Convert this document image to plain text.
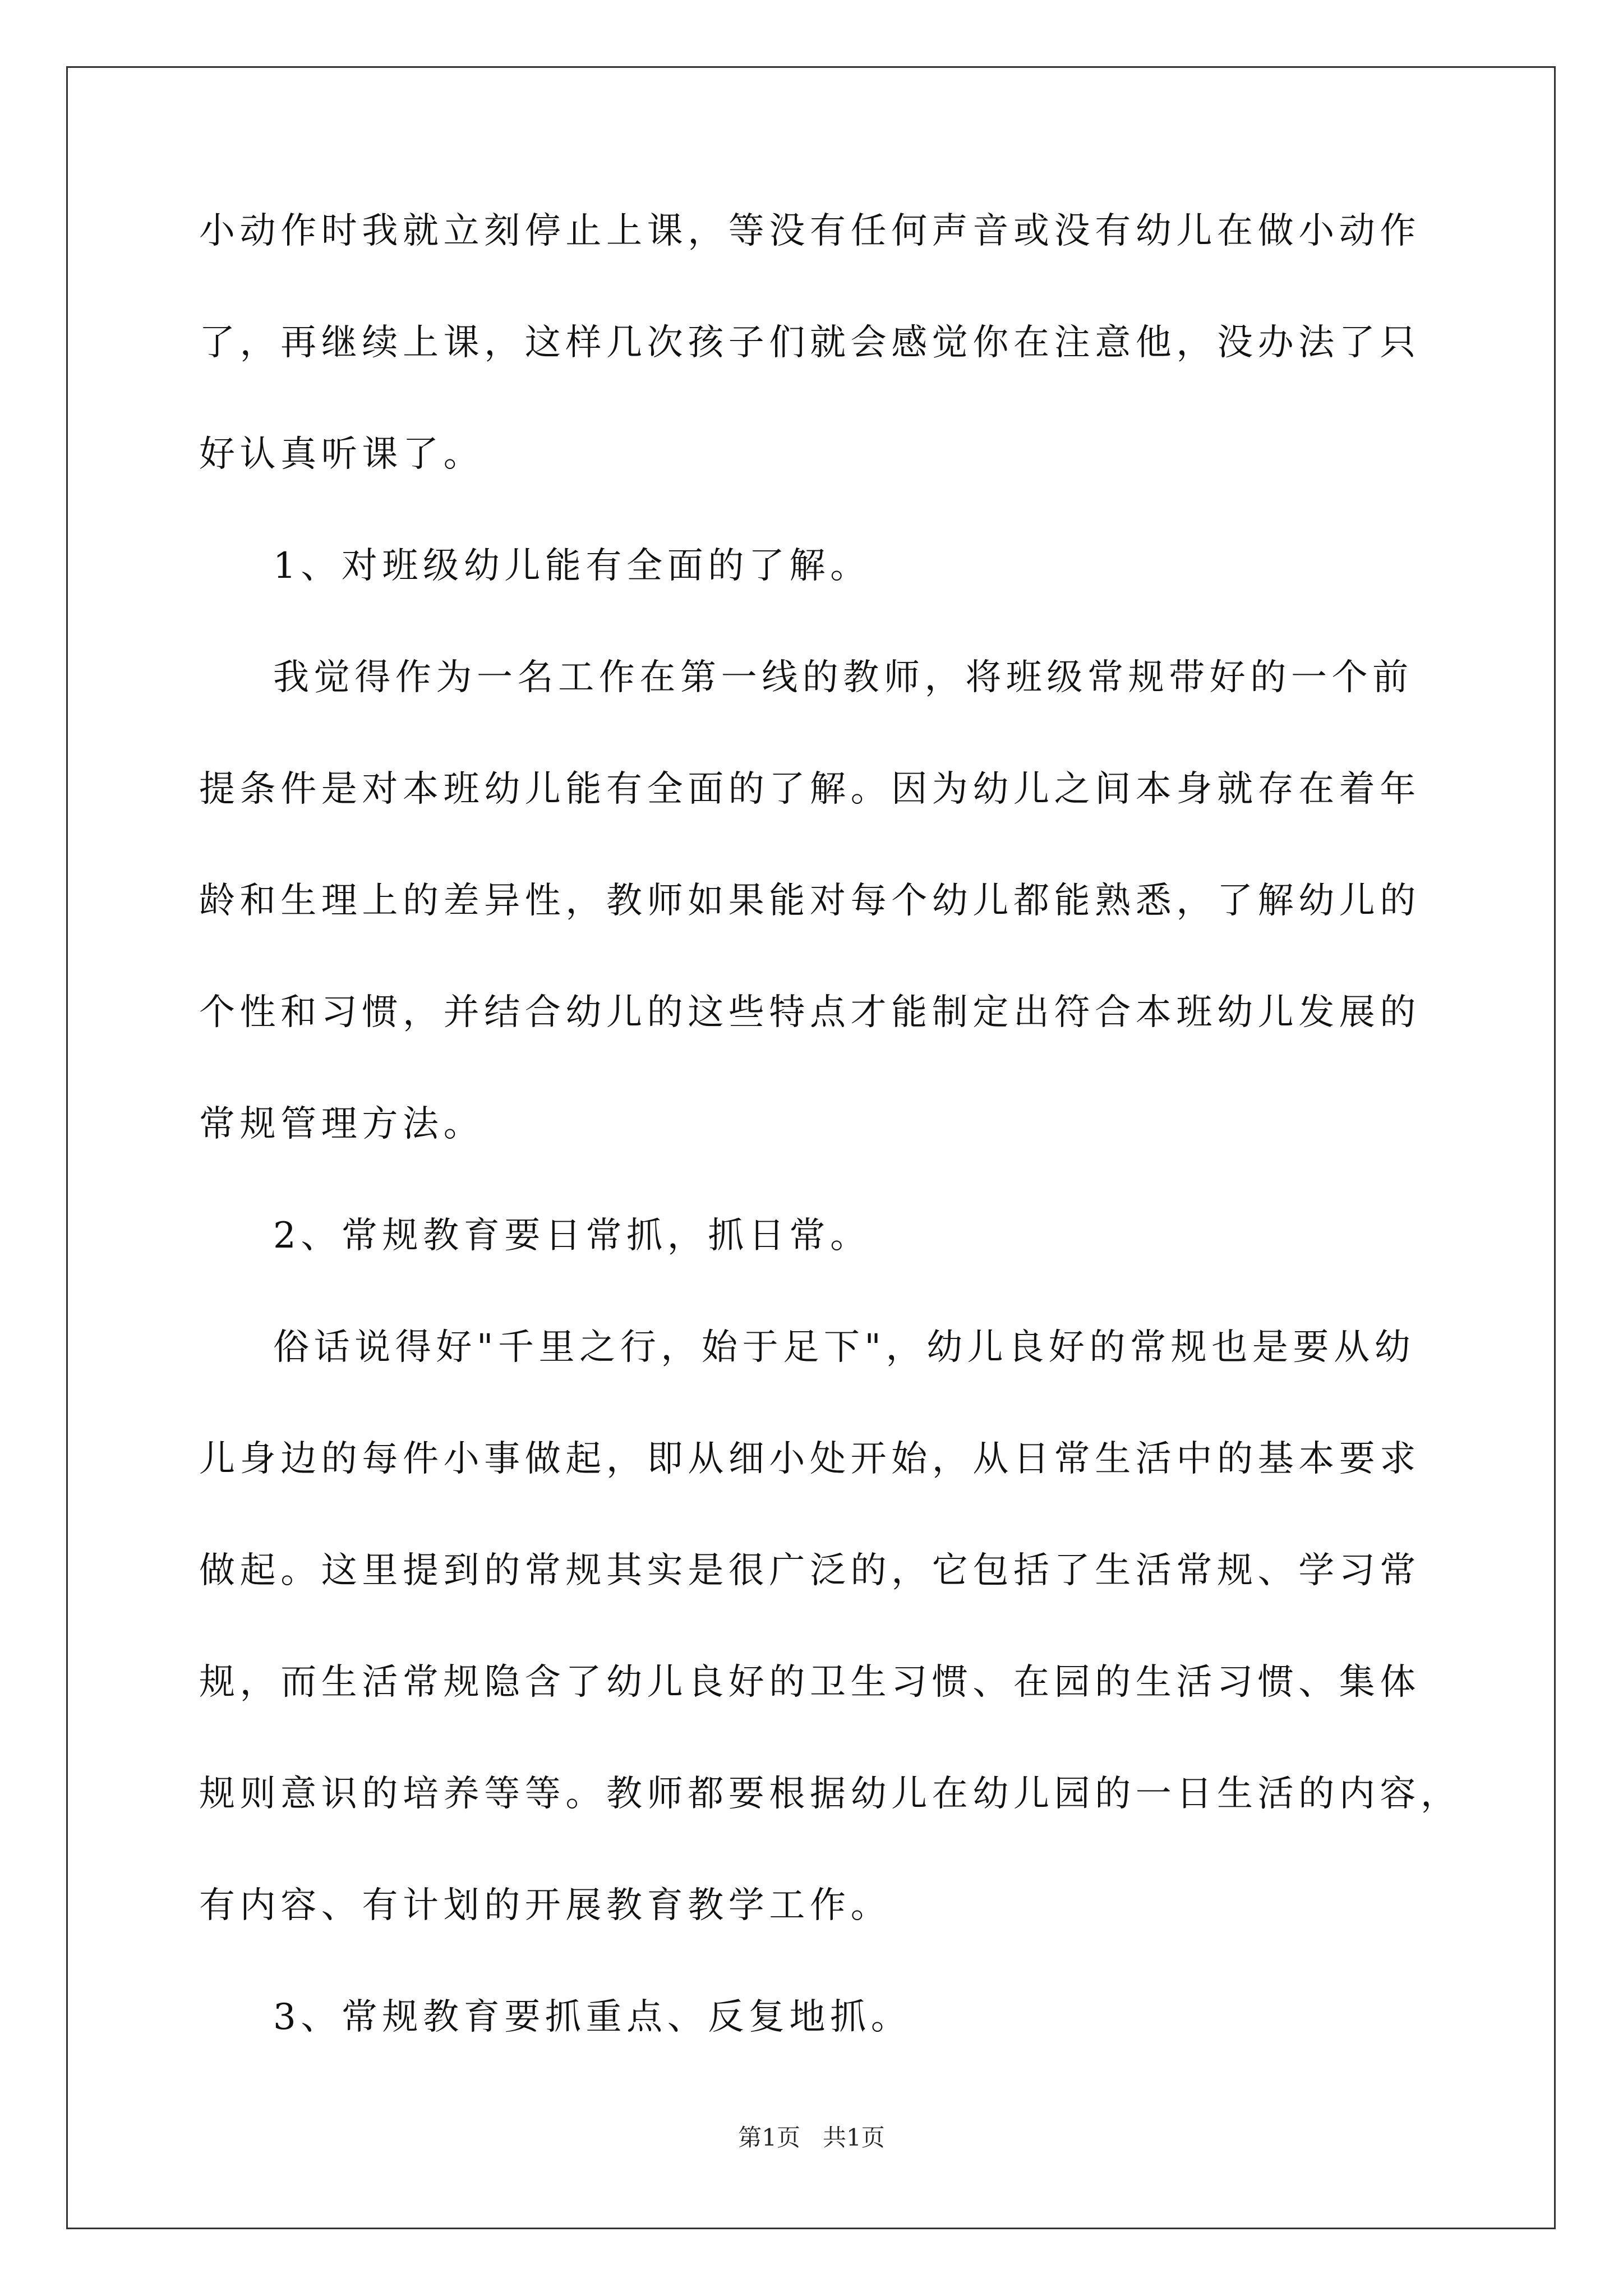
小动作时我就立刻停止上课，等没有任何声音或没有幼儿在做小动作
了，再继续上课，这样几次孩子们就会感觉你在注意他，没办法了只
好认真听课了。
1、对班级幼儿能有全面的了解。
我觉得作为一名工作在第一线的教师，将班级常规带好的一个前
提条件是对本班幼儿能有全面的了解。因为幼儿之间本身就存在着年
龄和生理上的差异性，教师如果能对每个幼儿都能熟悉，了解幼儿的
个性和习惯，并结合幼儿的这些特点才能制定出符合本班幼儿发展的
常规管理方法。
2、常规教育要日常抓，抓日常。
俗话说得好"千里之行，始于足下"，幼儿良好的常规也是要从幼
儿身边的每件小事做起，即从细小处开始，从日常生活中的基本要求
做起。这里提到的常规其实是很广泛的，它包括了生活常规、学习常
规，而生活常规隐含了幼儿良好的卫生习惯、在园的生活习惯、集体
规则意识的培养等等。教师都要根据幼儿在幼儿园的一日生活的内容，
有内容、有计划的开展教育教学工作。
3、常规教育要抓重点、反复地抓。
第1页   共1页
